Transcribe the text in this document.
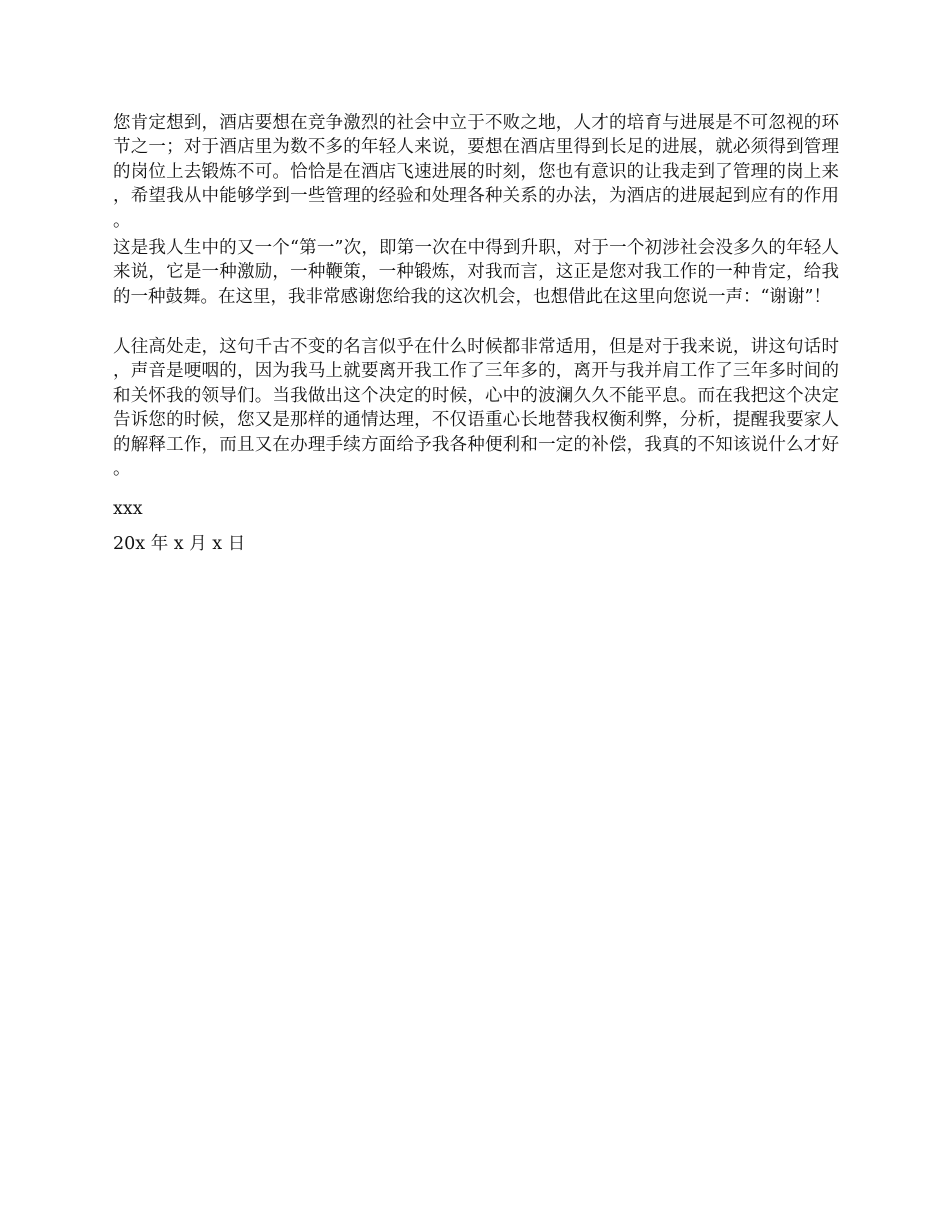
您肯定想到，酒店要想在竞争激烈的社会中立于不败之地，人才的培育与进展是不可忽视的环节之一；对于酒店里为数不多的年轻人来说，要想在酒店里得到长足的进展，就必须得到管理的岗位上去锻炼不可。恰恰是在酒店飞速进展的时刻，您也有意识的让我走到了管理的岗上来，希望我从中能够学到一些管理的经验和处理各种关系的办法，为酒店的进展起到应有的作用。

这是我人生中的又一个“第一”次，即第一次在中得到升职，对于一个初涉社会没多久的年轻人来说，它是一种激励，一种鞭策，一种锻炼，对我而言，这正是您对我工作的一种肯定，给我的一种鼓舞。在这里，我非常感谢您给我的这次机会，也想借此在这里向您说一声：“谢谢”！

人往高处走，这句千古不变的名言似乎在什么时候都非常适用，但是对于我来说，讲这句话时，声音是哽咽的，因为我马上就要离开我工作了三年多的，离开与我并肩工作了三年多时间的和关怀我的领导们。当我做出这个决定的时候，心中的波澜久久不能平息。而在我把这个决定告诉您的时候，您又是那样的通情达理，不仅语重心长地替我权衡利弊，分析，提醒我要家人的解释工作，而且又在办理手续方面给予我各种便利和一定的补偿，我真的不知该说什么才好。

xxx

20x 年 x 月 x 日
